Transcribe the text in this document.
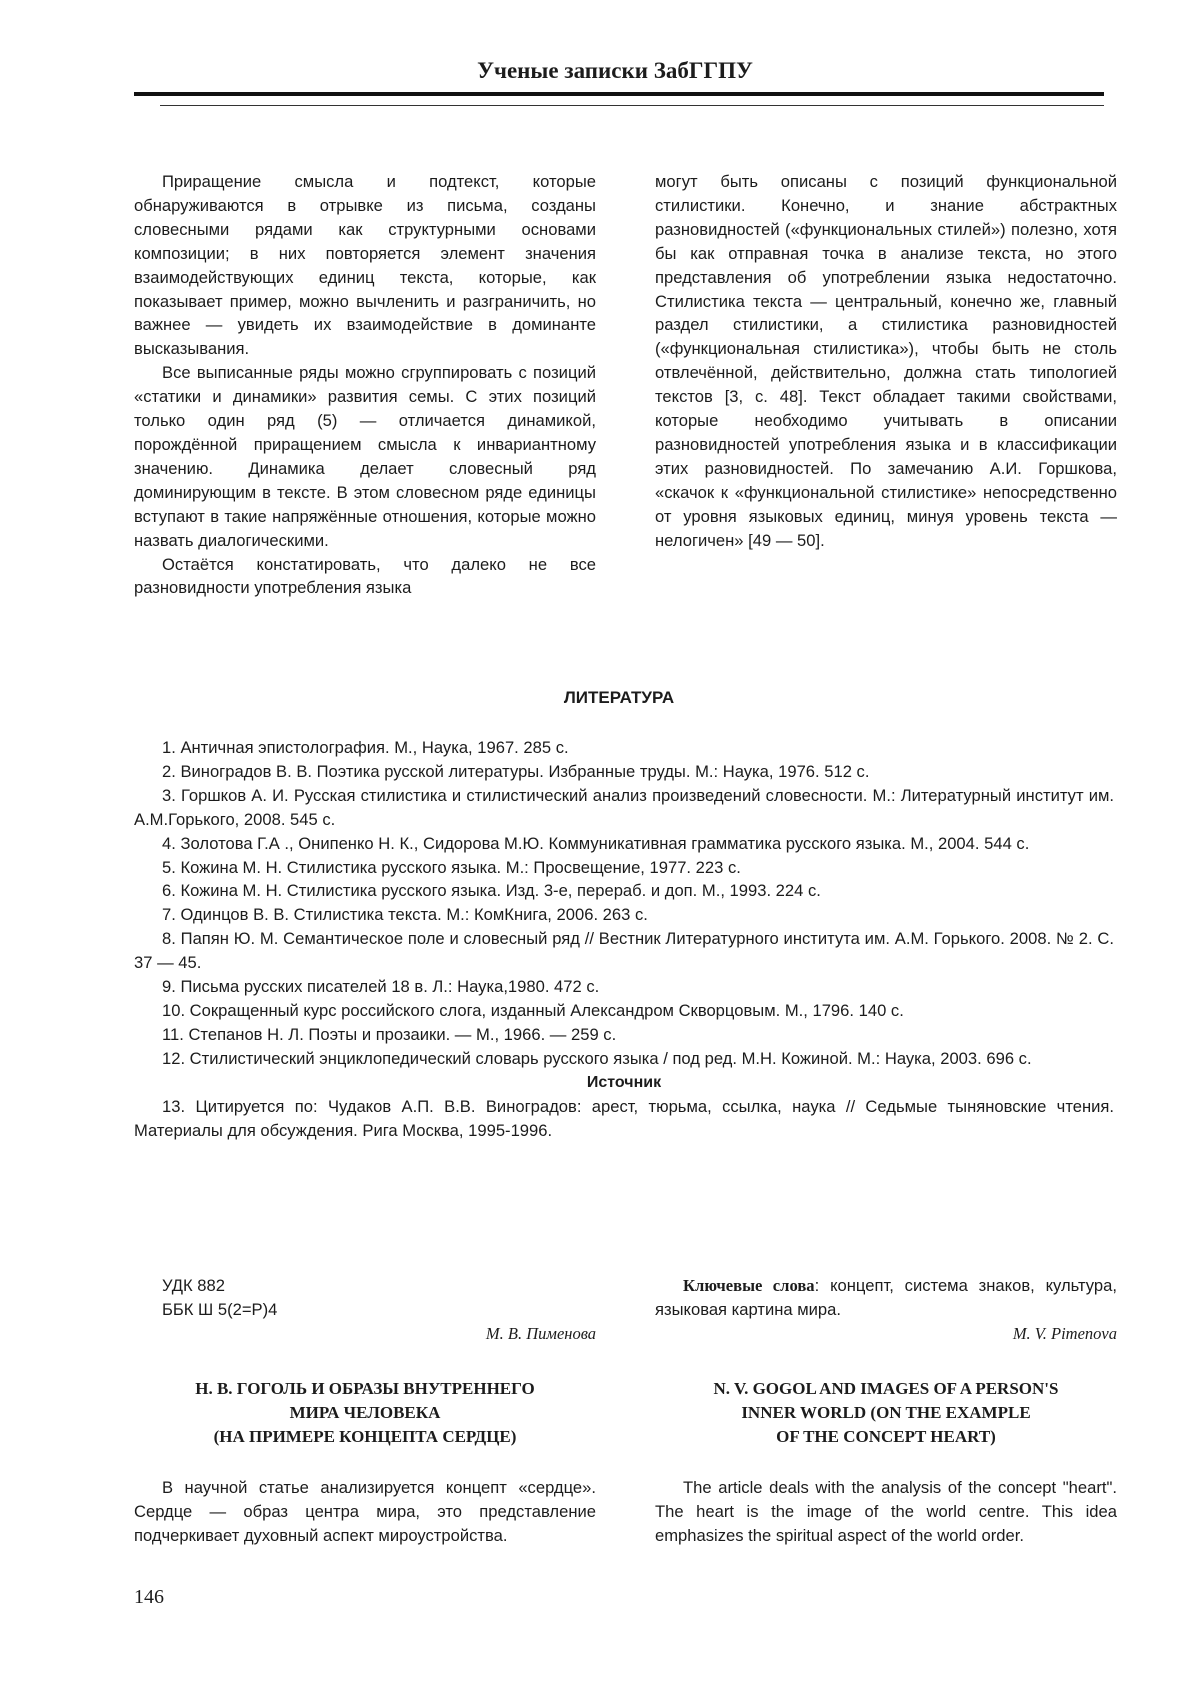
Ученые записки ЗабГГПУ

Приращение смысла и подтекст, которые обнаруживаются в отрывке из письма, созданы словесными рядами как структурными основами композиции; в них повторяется элемент значения взаимодействующих единиц текста, которые, как показывает пример, можно вычленить и разграничить, но важнее — увидеть их взаимодействие в доминанте высказывания.

Все выписанные ряды можно сгруппировать с позиций «статики и динамики» развития семы. С этих позиций только один ряд (5) — отличается динамикой, порождённой приращением смысла к инвариантному значению. Динамика делает словесный ряд доминирующим в тексте. В этом словесном ряде единицы вступают в такие напряжённые отношения, которые можно назвать диалогическими.

Остаётся констатировать, что далеко не все разновидности употребления языка

могут быть описаны с позиций функциональной стилистики. Конечно, и знание абстрактных разновидностей («функциональных стилей») полезно, хотя бы как отправная точка в анализе текста, но этого представления об употреблении языка недостаточно. Стилистика текста — центральный, конечно же, главный раздел стилистики, а стилистика разновидностей («функциональная стилистика»), чтобы быть не столь отвлечённой, действительно, должна стать типологией текстов [3, с. 48]. Текст обладает такими свойствами, которые необходимо учитывать в описании разновидностей употребления языка и в классификации этих разновидностей. По замечанию А.И. Горшкова, «скачок к «функциональной стилистике» непосредственно от уровня языковых единиц, минуя уровень текста — нелогичен» [49 — 50].

ЛИТЕРАТУРА

1. Античная эпистолография. М., Наука, 1967. 285 с.

2. Виноградов В. В. Поэтика русской литературы. Избранные труды. М.: Наука, 1976. 512 с.

3. Горшков А. И. Русская стилистика и стилистический анализ произведений словесности. М.: Литературный институт им. А.М.Горького, 2008. 545 с.

4. Золотова Г.А ., Онипенко Н. К., Сидорова М.Ю. Коммуникативная грамматика русского языка. М., 2004. 544 с.

5. Кожина М. Н. Стилистика русского языка. М.: Просвещение, 1977. 223 с.

6. Кожина М. Н. Стилистика русского языка. Изд. 3-е, перераб. и доп. М., 1993. 224 с.

7. Одинцов В. В. Стилистика текста. М.: КомКнига, 2006. 263 с.

8. Папян Ю. М. Семантическое поле и словесный ряд // Вестник Литературного института им. А.М. Горького. 2008. № 2. С. 37 — 45.

9. Письма русских писателей 18 в. Л.: Наука,1980. 472 с.

10. Сокращенный курс российского слога, изданный Александром Скворцовым. М., 1796. 140 с.

11. Степанов Н. Л. Поэты и прозаики. — М., 1966. — 259 с.

12. Стилистический энциклопедический словарь русского языка / под ред. М.Н. Кожиной. М.: Наука, 2003. 696 с.

Источник

13. Цитируется по: Чудаков А.П. В.В. Виноградов: арест, тюрьма, ссылка, наука // Седьмые тыняновские чтения. Материалы для обсуждения. Рига Москва, 1995-1996.

УДК 882
ББК Ш 5(2=Р)4
М. В. Пименова
Ключевые слова: концепт, система знаков, культура, языковая картина мира.
M. V. Pimenova
Н. В. ГОГОЛЬ И ОБРАЗЫ ВНУТРЕННЕГО
МИРА ЧЕЛОВЕКА
(НА ПРИМЕРЕ КОНЦЕПТА СЕРДЦЕ)
N. V. GOGOL AND IMAGES OF A PERSON'S
INNER WORLD (ON THE EXAMPLE
OF THE CONCEPT HEART)

В научной статье анализируется концепт «сердце». Сердце — образ центра мира, это представление подчеркивает духовный аспект мироустройства.

The article deals with the analysis of the concept "heart". The heart is the image of the world centre. This idea emphasizes the spiritual aspect of the world order.

146
